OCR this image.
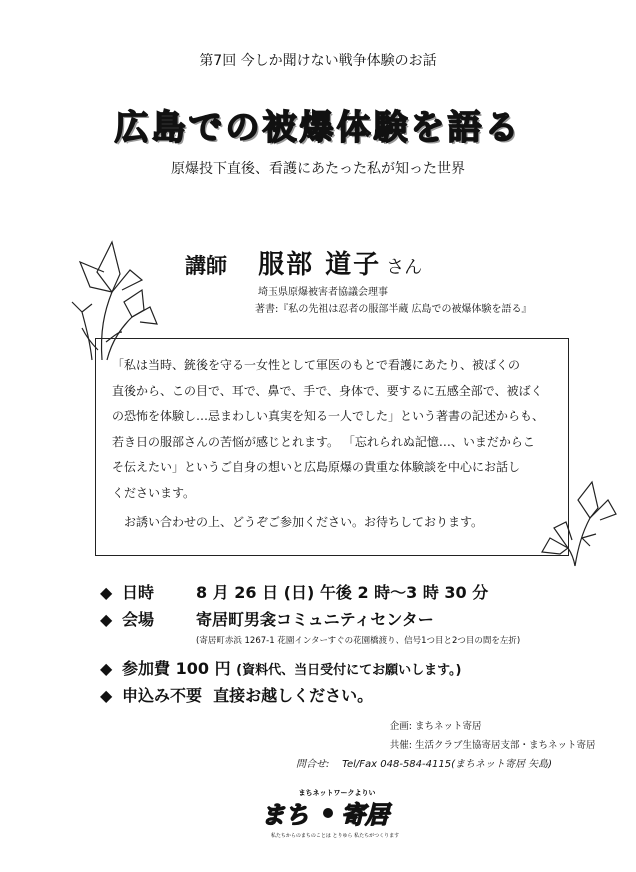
第7回 今しか聞けない戦争体験のお話
広島での被爆体験を語る
原爆投下直後、看護にあたった私が知った世界
講師 服部 道子 さん
埼玉県原爆被害者協議会理事
著書:『私の先祖は忍者の服部半蔵 広島での被爆体験を語る』

「私は当時、銃後を守る一女性として軍医のもとで看護にあたり、被ばくの

直後から、この目で、耳で、鼻で、手で、身体で、要するに五感全部で、被ばく

の恐怖を体験し…忌まわしい真実を知る一人でした」という著書の記述からも、

若き日の服部さんの苦悩が感じとれます。 「忘れられぬ記憶…、いまだからこ

そ伝えたい」というご自身の想いと広島原爆の貴重な体験談を中心にお話し

くださいます。

お誘い合わせの上、どうぞご参加ください。お待ちしております。

◆ 日時	8 月 26 日 (日) 午後 2 時～3 時 30 分
◆ 会場	寄居町男衾コミュニティセンター
(寄居町赤浜 1267-1 花園インターすぐの花園橋渡り、信号1つ目と2つ目の間を左折)
◆ 参加費 100 円 (資料代、当日受付にてお願いします。)
◆ 申込み不要 直接お越しください。
企画: まちネット寄居
共催: 生活クラブ生協寄居支部・まちネット寄居
問合せ: Tel/Fax 048-584-4115(まちネット寄居 矢島)
まちネットワークよりい
まち 寄居
私たちからのまちのことは とりゆら 私たちがつくります
